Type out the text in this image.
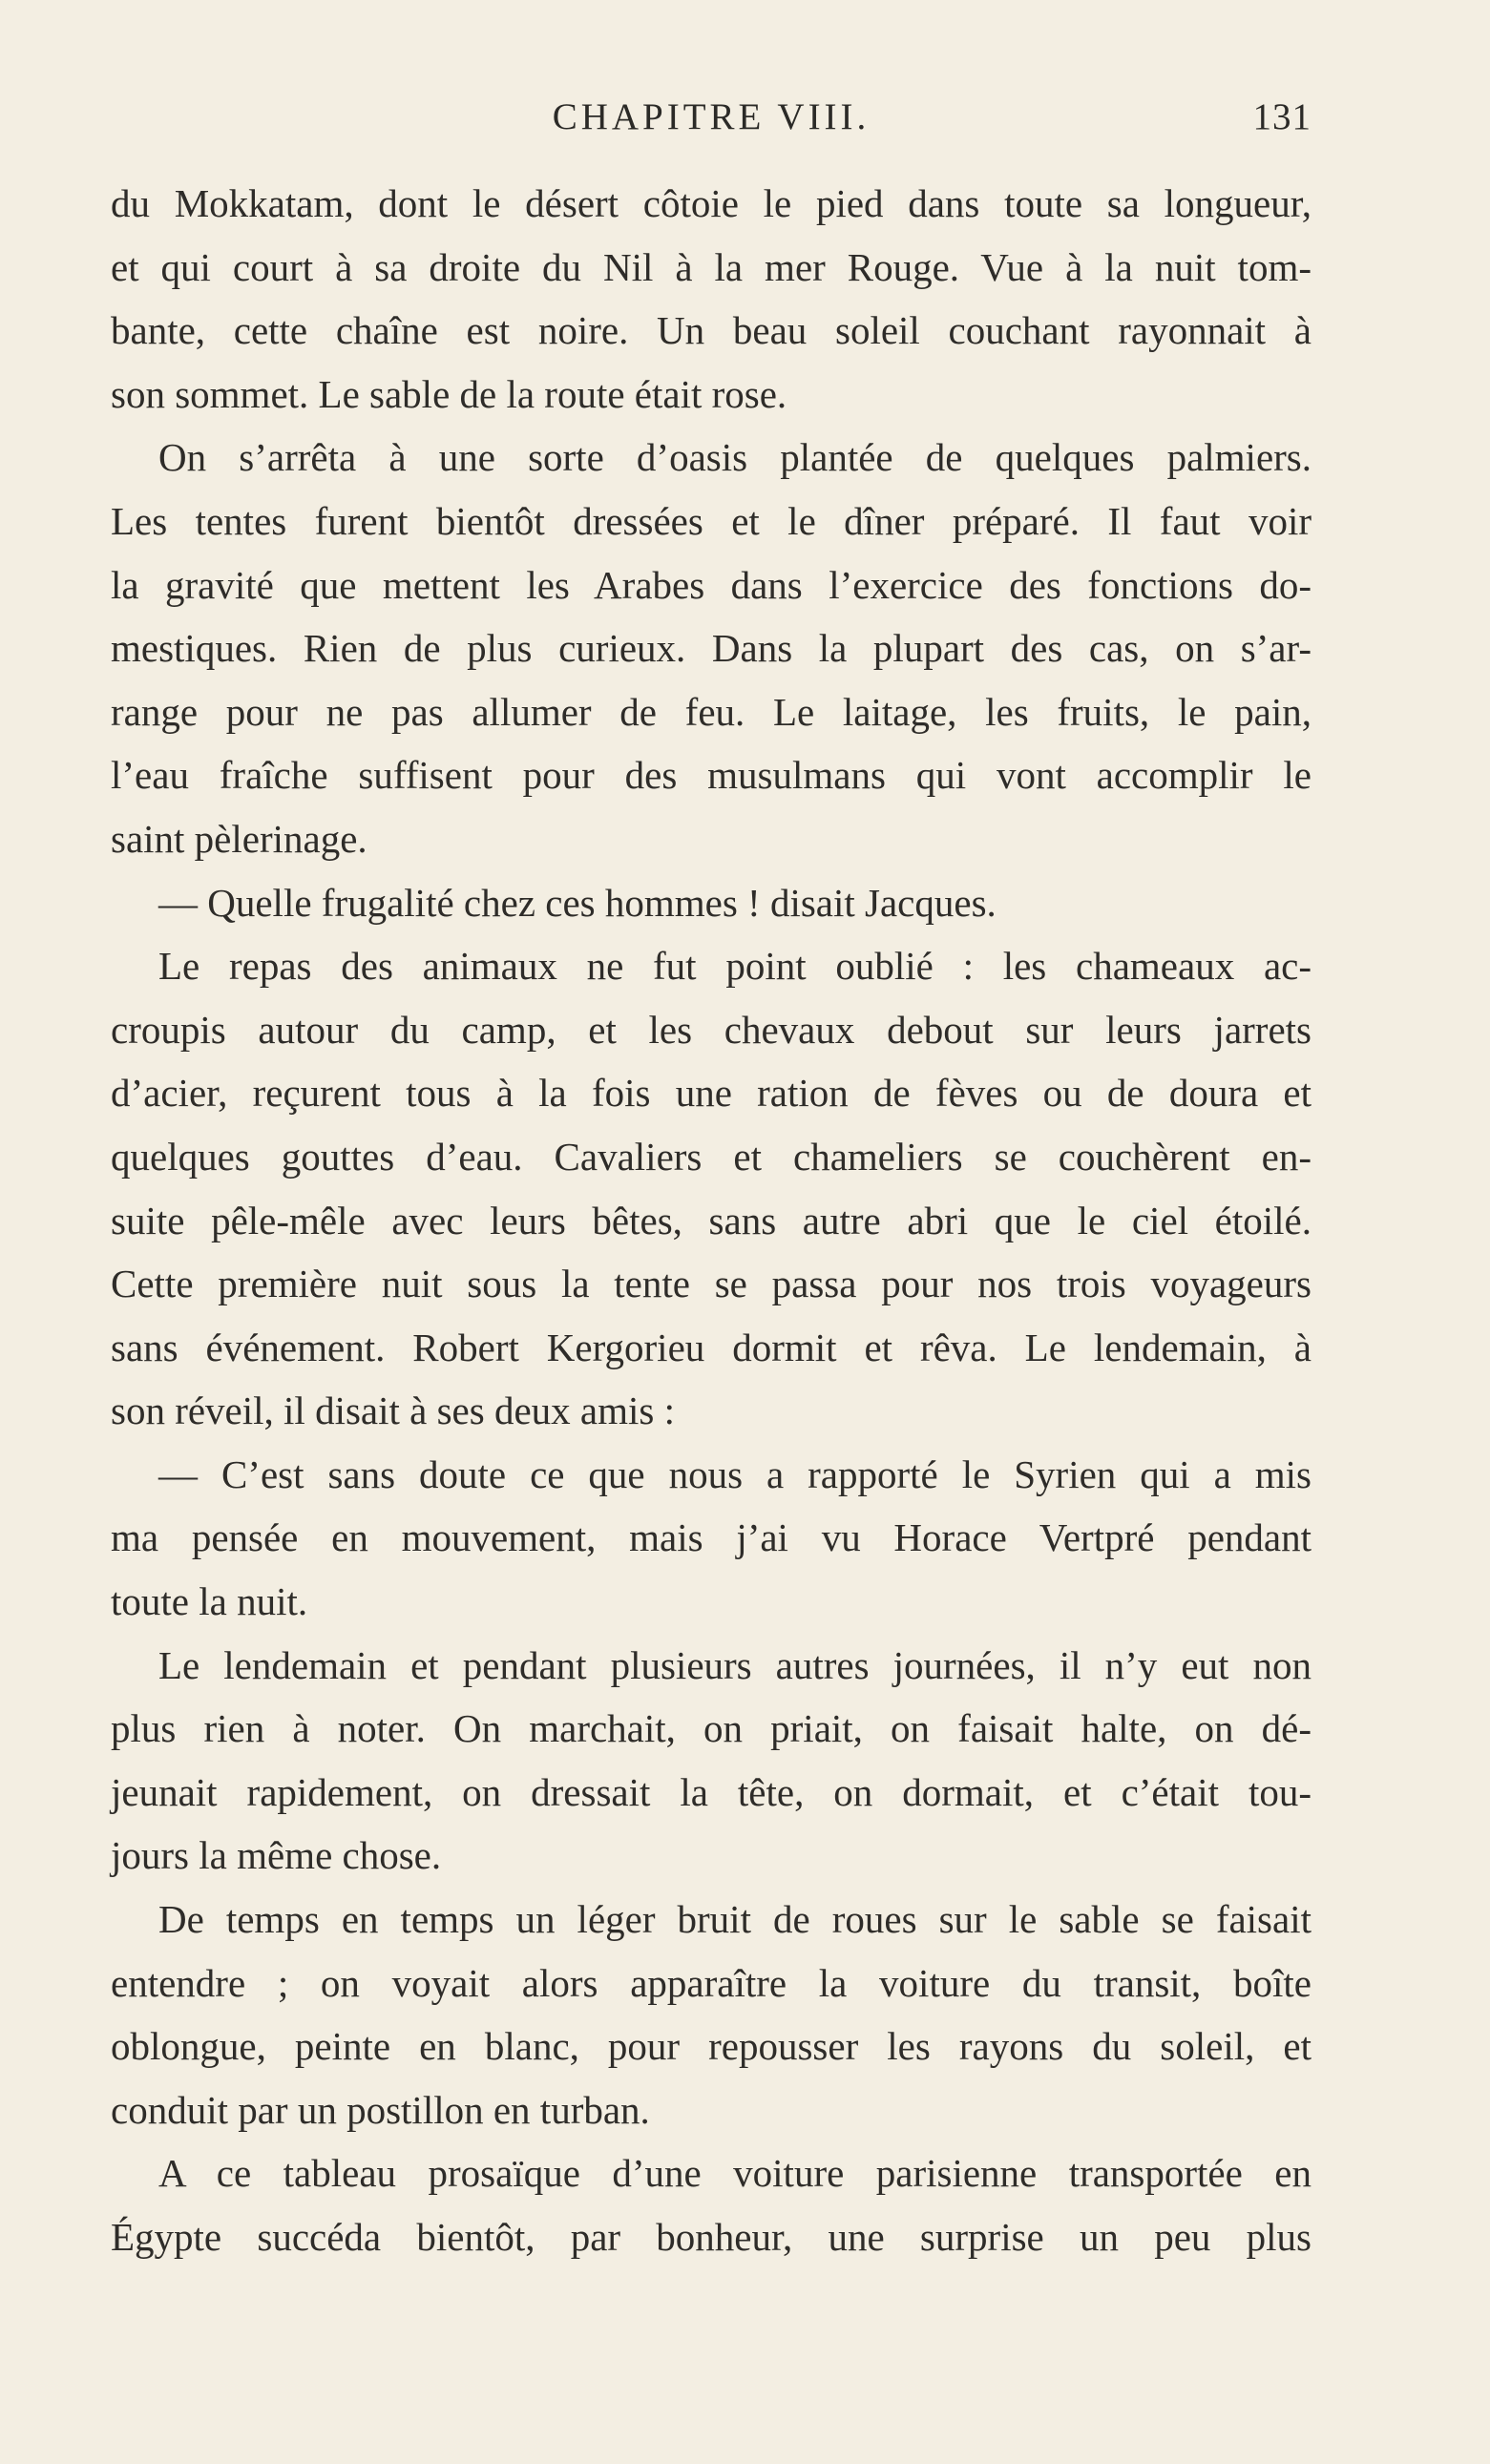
CHAPITRE VIII.	131

du Mokkatam, dont le désert côtoie le pied dans toute sa longueur,

et qui court à sa droite du Nil à la mer Rouge. Vue à la nuit tom-

bante, cette chaîne est noire. Un beau soleil couchant rayonnait à

son sommet. Le sable de la route était rose.

On s’arrêta à une sorte d’oasis plantée de quelques palmiers.

Les tentes furent bientôt dressées et le dîner préparé. Il faut voir

la gravité que mettent les Arabes dans l’exercice des fonctions do-

mestiques. Rien de plus curieux. Dans la plupart des cas, on s’ar-

range pour ne pas allumer de feu. Le laitage, les fruits, le pain,

l’eau fraîche suffisent pour des musulmans qui vont accomplir le

saint pèlerinage.

— Quelle frugalité chez ces hommes ! disait Jacques.

Le repas des animaux ne fut point oublié : les chameaux ac-

croupis autour du camp, et les chevaux debout sur leurs jarrets

d’acier, reçurent tous à la fois une ration de fèves ou de doura et

quelques gouttes d’eau. Cavaliers et chameliers se couchèrent en-

suite pêle-mêle avec leurs bêtes, sans autre abri que le ciel étoilé.

Cette première nuit sous la tente se passa pour nos trois voyageurs

sans événement. Robert Kergorieu dormit et rêva. Le lendemain, à

son réveil, il disait à ses deux amis :

— C’est sans doute ce que nous a rapporté le Syrien qui a mis

ma pensée en mouvement, mais j’ai vu Horace Vertpré pendant

toute la nuit.

Le lendemain et pendant plusieurs autres journées, il n’y eut non

plus rien à noter. On marchait, on priait, on faisait halte, on dé-

jeunait rapidement, on dressait la tête, on dormait, et c’était tou-

jours la même chose.

De temps en temps un léger bruit de roues sur le sable se faisait

entendre ; on voyait alors apparaître la voiture du transit, boîte

oblongue, peinte en blanc, pour repousser les rayons du soleil, et

conduit par un postillon en turban.

A ce tableau prosaïque d’une voiture parisienne transportée en

Égypte succéda bientôt, par bonheur, une surprise un peu plus
